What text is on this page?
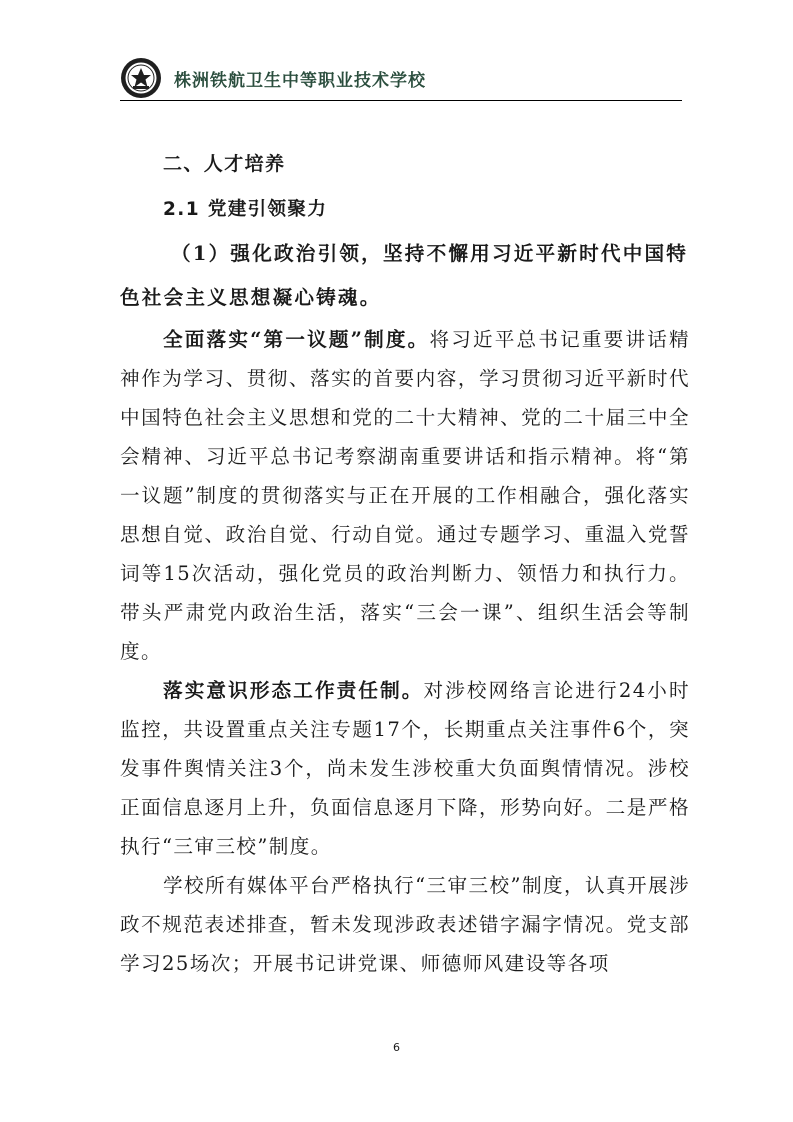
株洲铁航卫生中等职业技术学校
二、人才培养
2.1 党建引领聚力

（1）强化政治引领，坚持不懈用习近平新时代中国特色社会主义思想凝心铸魂。

全面落实“第一议题”制度。将习近平总书记重要讲话精神作为学习、贯彻、落实的首要内容，学习贯彻习近平新时代中国特色社会主义思想和党的二十大精神、党的二十届三中全会精神、习近平总书记考察湖南重要讲话和指示精神。将“第一议题”制度的贯彻落实与正在开展的工作相融合，强化落实思想自觉、政治自觉、行动自觉。通过专题学习、重温入党誓词等15次活动，强化党员的政治判断力、领悟力和执行力。带头严肃党内政治生活，落实“三会一课”、组织生活会等制度。

落实意识形态工作责任制。对涉校网络言论进行24小时监控，共设置重点关注专题17个，长期重点关注事件6个，突发事件舆情关注3个，尚未发生涉校重大负面舆情情况。涉校正面信息逐月上升，负面信息逐月下降，形势向好。二是严格执行“三审三校”制度。

学校所有媒体平台严格执行“三审三校”制度，认真开展涉政不规范表述排查，暂未发现涉政表述错字漏字情况。党支部学习25场次；开展书记讲党课、师德师风建设等各项

6
